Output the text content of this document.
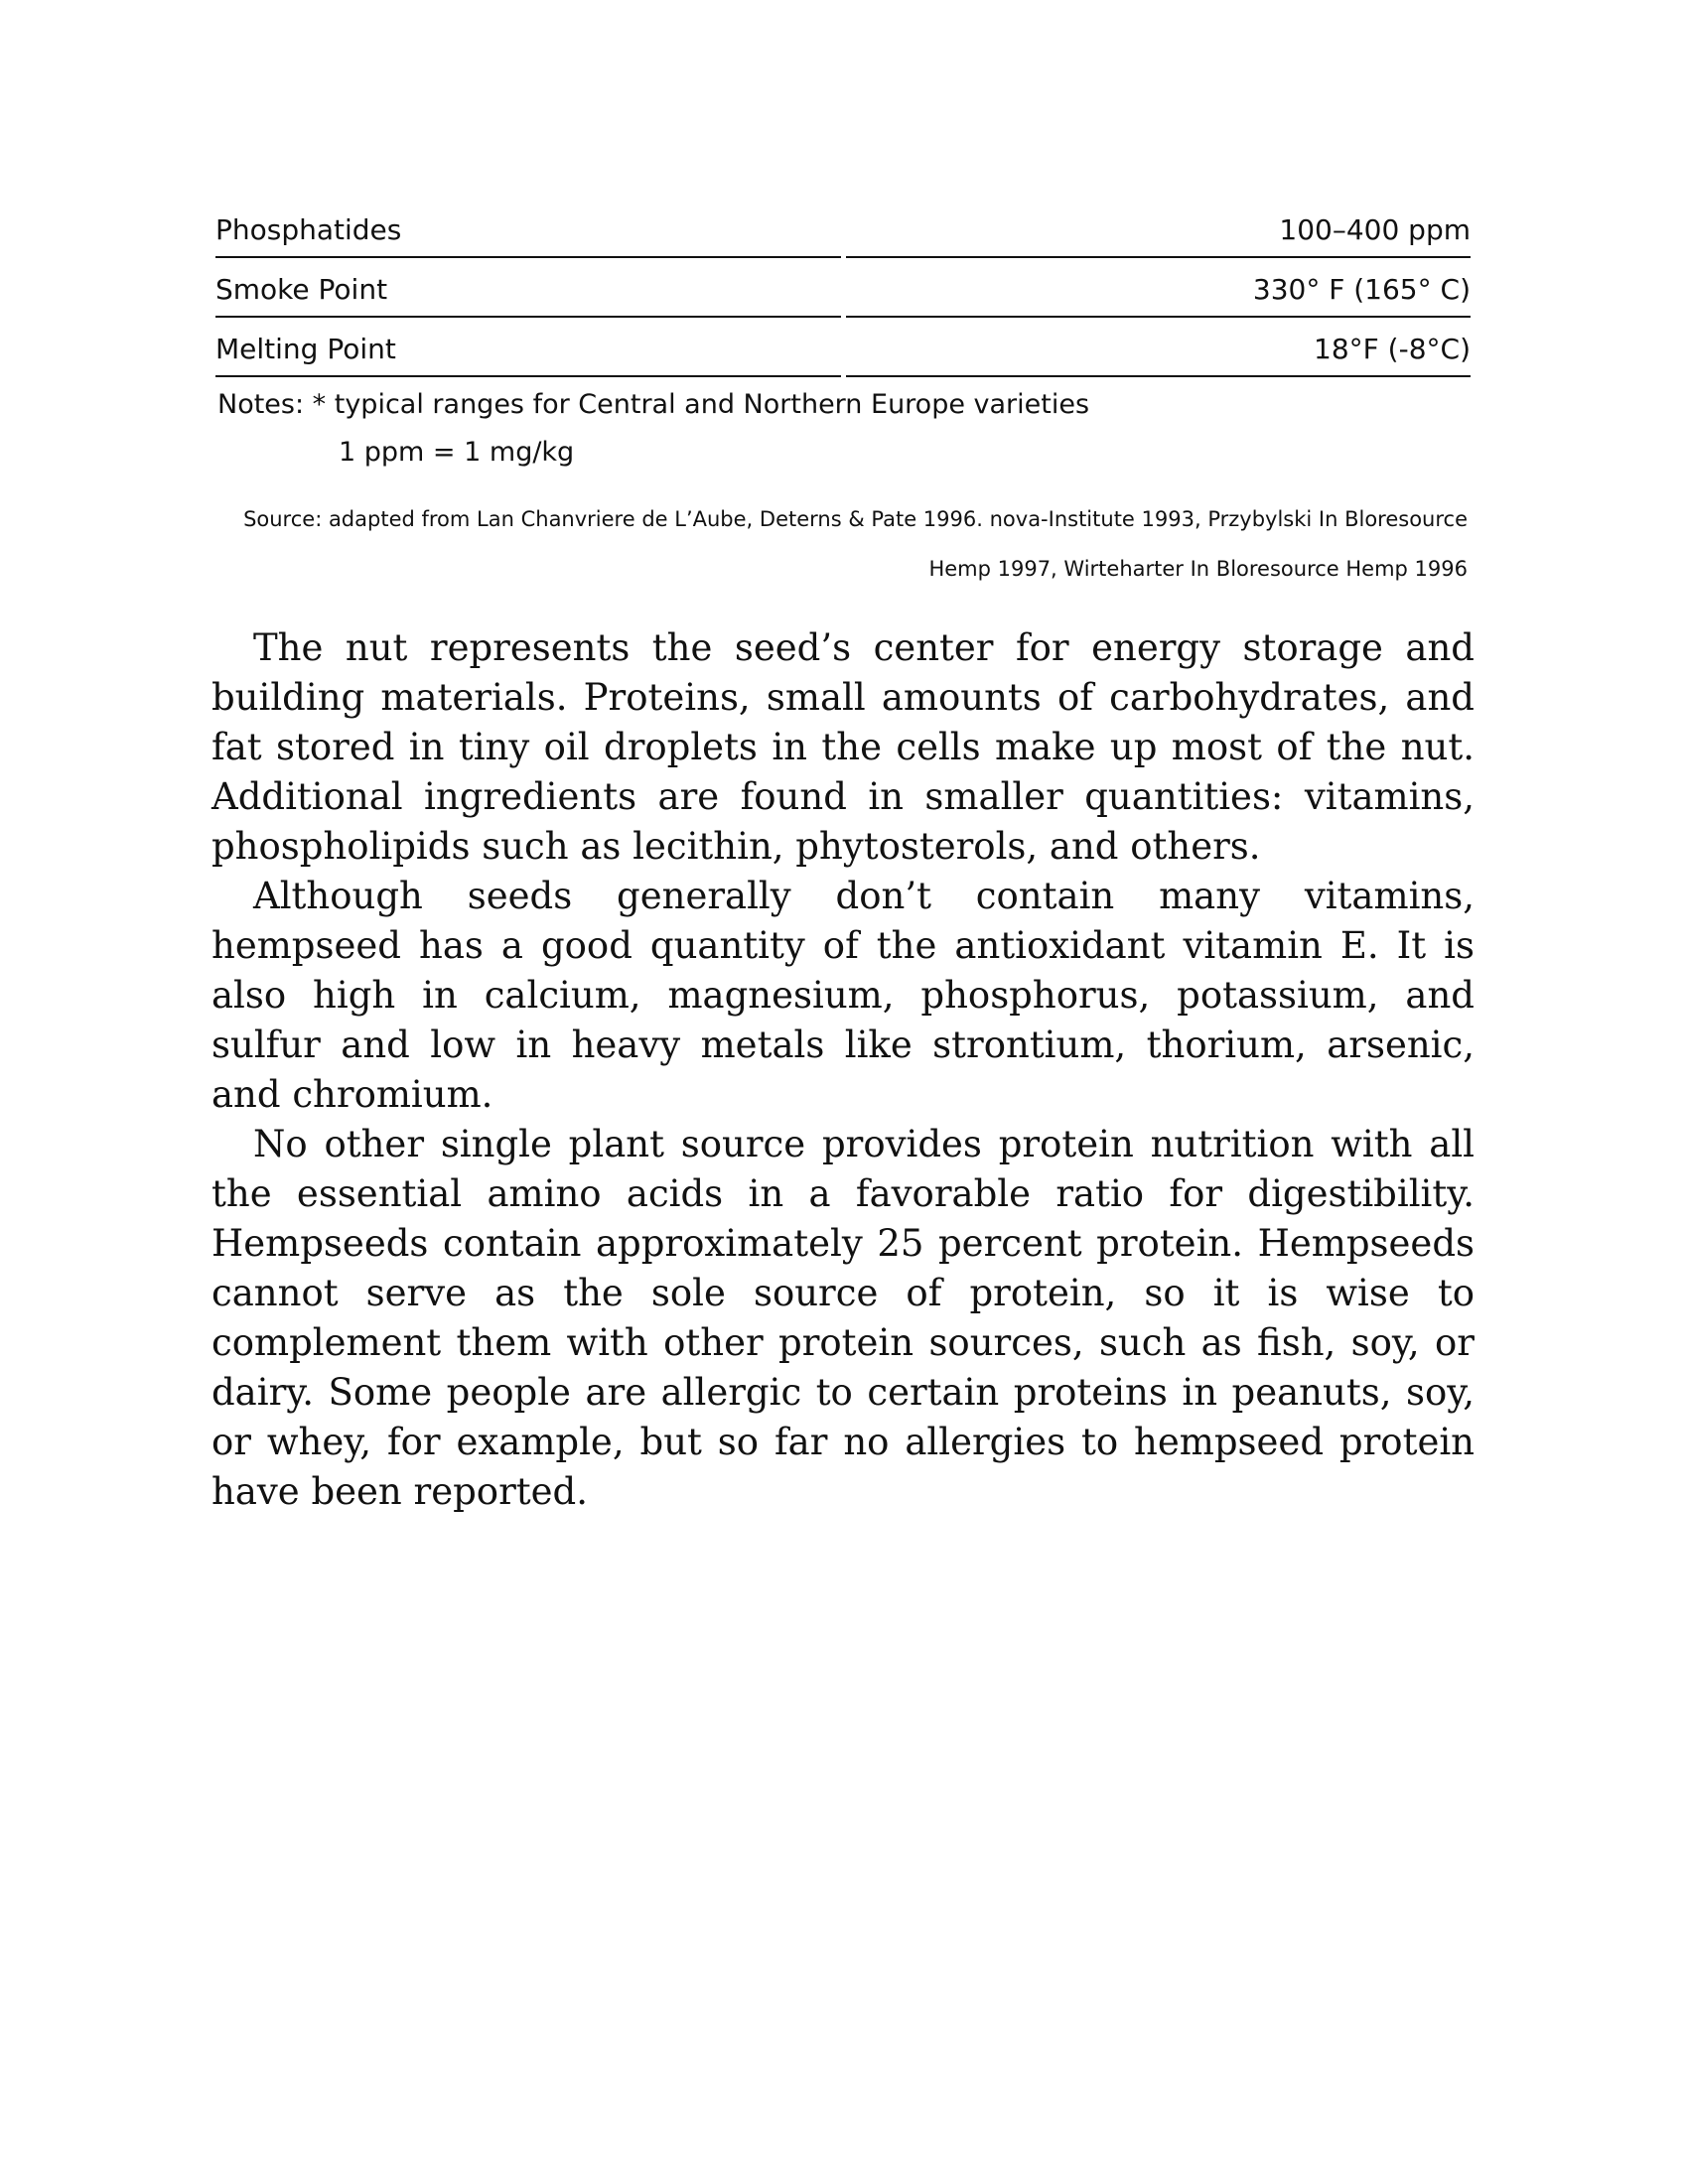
Phosphatides	100–400 ppm
Smoke Point	330° F (165° C)
Melting Point	18°F (-8°C)
Notes: * typical ranges for Central and Northern Europe varieties
1 ppm = 1 mg/kg
Source: adapted from Lan Chanvriere de L’Aube, Deterns & Pate 1996. nova-Institute 1993, Przybylski In Bloresource
Hemp 1997, Wirteharter In Bloresource Hemp 1996

The nut represents the seed’s center for energy storage and building materials. Proteins, small amounts of carbohydrates, and fat stored in tiny oil droplets in the cells make up most of the nut. Additional ingredients are found in smaller quantities: vitamins, phospholipids such as lecithin, phytosterols, and others.

Although seeds generally don’t contain many vitamins, hempseed has a good quantity of the antioxidant vitamin E. It is also high in calcium, magnesium, phosphorus, potassium, and sulfur and low in heavy metals like strontium, thorium, arsenic, and chromium.

No other single plant source provides protein nutrition with all the essential amino acids in a favorable ratio for digestibility. Hempseeds contain approximately 25 percent protein. Hempseeds cannot serve as the sole source of protein, so it is wise to complement them with other protein sources, such as fish, soy, or dairy. Some people are allergic to certain proteins in peanuts, soy, or whey, for example, but so far no allergies to hempseed protein have been reported.
